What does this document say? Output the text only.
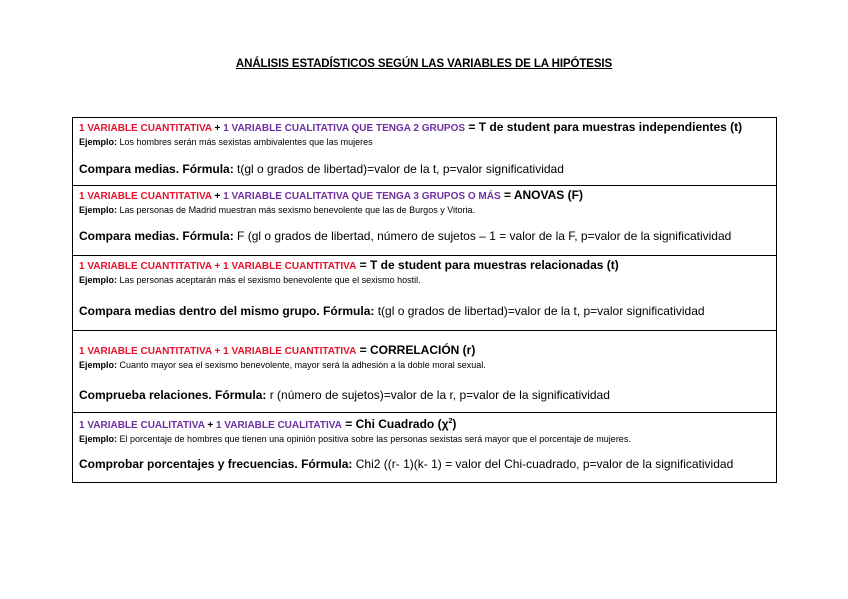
ANÁLISIS ESTADÍSTICOS SEGÚN LAS VARIABLES DE LA HIPÓTESIS
1 VARIABLE CUANTITATIVA + 1 VARIABLE CUALITATIVA QUE TENGA 2 GRUPOS = T de student para muestras independientes (t)
Ejemplo: Los hombres serán más sexistas ambivalentes que las mujeres
Compara medias. Fórmula: t(gl o grados de libertad)=valor de la t, p=valor significatividad
1 VARIABLE CUANTITATIVA + 1 VARIABLE CUALITATIVA QUE TENGA 3 GRUPOS O MÁS = ANOVAS (F)
Ejemplo: Las personas de Madrid muestran más sexismo benevolente que las de Burgos y Vitoria.
Compara medias. Fórmula: F (gl o grados de libertad, número de sujetos – 1 = valor de la F, p=valor de la significatividad
1 VARIABLE CUANTITATIVA + 1 VARIABLE CUANTITATIVA = T de student para muestras relacionadas (t)
Ejemplo: Las personas aceptarán más el sexismo benevolente que el sexismo hostil.
Compara medias dentro del mismo grupo. Fórmula: t(gl o grados de libertad)=valor de la t, p=valor significatividad
1 VARIABLE CUANTITATIVA + 1 VARIABLE CUANTITATIVA = CORRELACIÓN (r)
Ejemplo: Cuanto mayor sea el sexismo benevolente, mayor será la adhesión a la doble moral sexual.
Comprueba relaciones. Fórmula: r (número de sujetos)=valor de la r, p=valor de la significatividad
1 VARIABLE CUALITATIVA + 1 VARIABLE CUALITATIVA = Chi Cuadrado $(\chi^2)$
Ejemplo: El porcentaje de hombres que tienen una opinión positiva sobre las personas sexistas será mayor que el porcentaje de mujeres.
Comprobar porcentajes y frecuencias. Fórmula: Chi2 ((r- 1)(k- 1) = valor del Chi-cuadrado, p=valor de la significatividad
